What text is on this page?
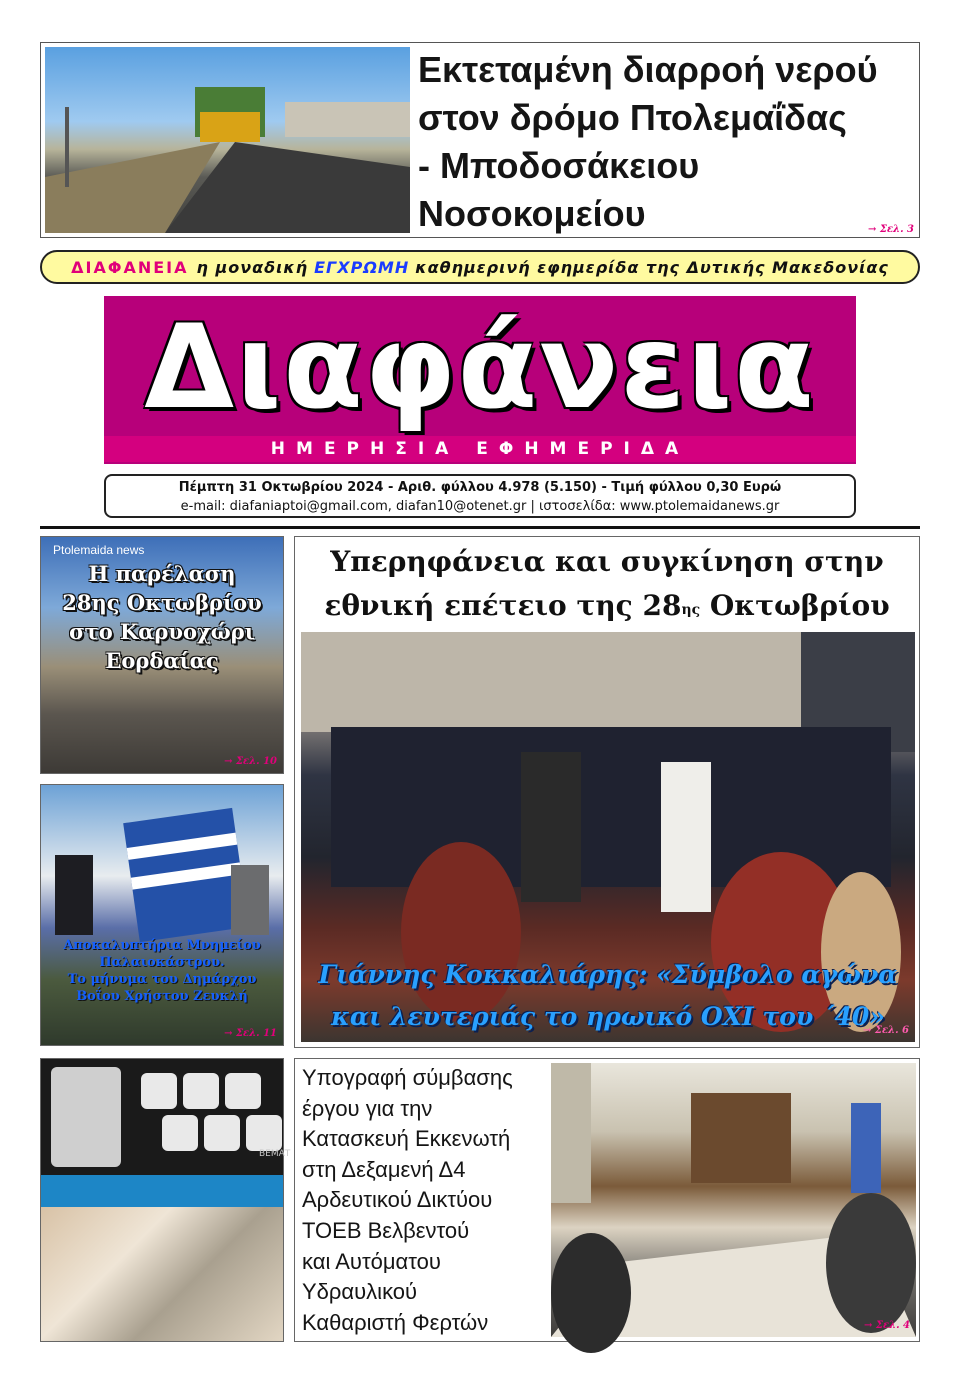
Εκτεταμένη διαρροή νερού
στον δρόμο Πτολεμαΐδας
- Μποδοσάκειου
Νοσοκομείου	→ Σελ. 3
ΔΙΑΦΑΝΕΙΑ η μοναδική ΕΓΧΡΩΜΗ καθημερινή εφημερίδα της Δυτικής Μακεδονίας
Διαφάνεια
ΗΜΕΡΗΣΙΑ ΕΦΗΜΕΡΙΔΑ
Πέμπτη 31 Οκτωβρίου 2024 - Αριθ. φύλλου 4.978 (5.150) - Τιμή φύλλου 0,30 Ευρώ
e-mail: diafaniaptoi@gmail.com, diafan10@otenet.gr | ιστοσελίδα: www.ptolemaidanews.gr
Ptolemaida news
Η παρέλαση
28ης Οκτωβρίου
στο Καρυοχώρι
Εορδαίας
→ Σελ. 10
Αποκαλυπτήρια Μνημείου
Παλαιοκάστρου.
Το μήνυμα του Δημάρχου
Βοΐου Χρήστου Ζευκλή
→ Σελ. 11
ΒΕΜΑΤ
Υπερηφάνεια και συγκίνηση στην
εθνική επέτειο της $28^{\eta\varsigma}$ Οκτωβρίου
Γιάννης Κοκκαλιάρης: «Σύμβολο αγώνα
και λευτεριάς το ηρωικό ΟΧΙ του ΄40»
→ Σελ. 6
Υπογραφή σύμβασης
έργου για την
Κατασκευή Εκκενωτή
στη Δεξαμενή Δ4
Αρδευτικού Δικτύου
ΤΟΕΒ Βελβεντού
και Αυτόματου
Υδραυλικού
Καθαριστή Φερτών	→ Σελ. 4
